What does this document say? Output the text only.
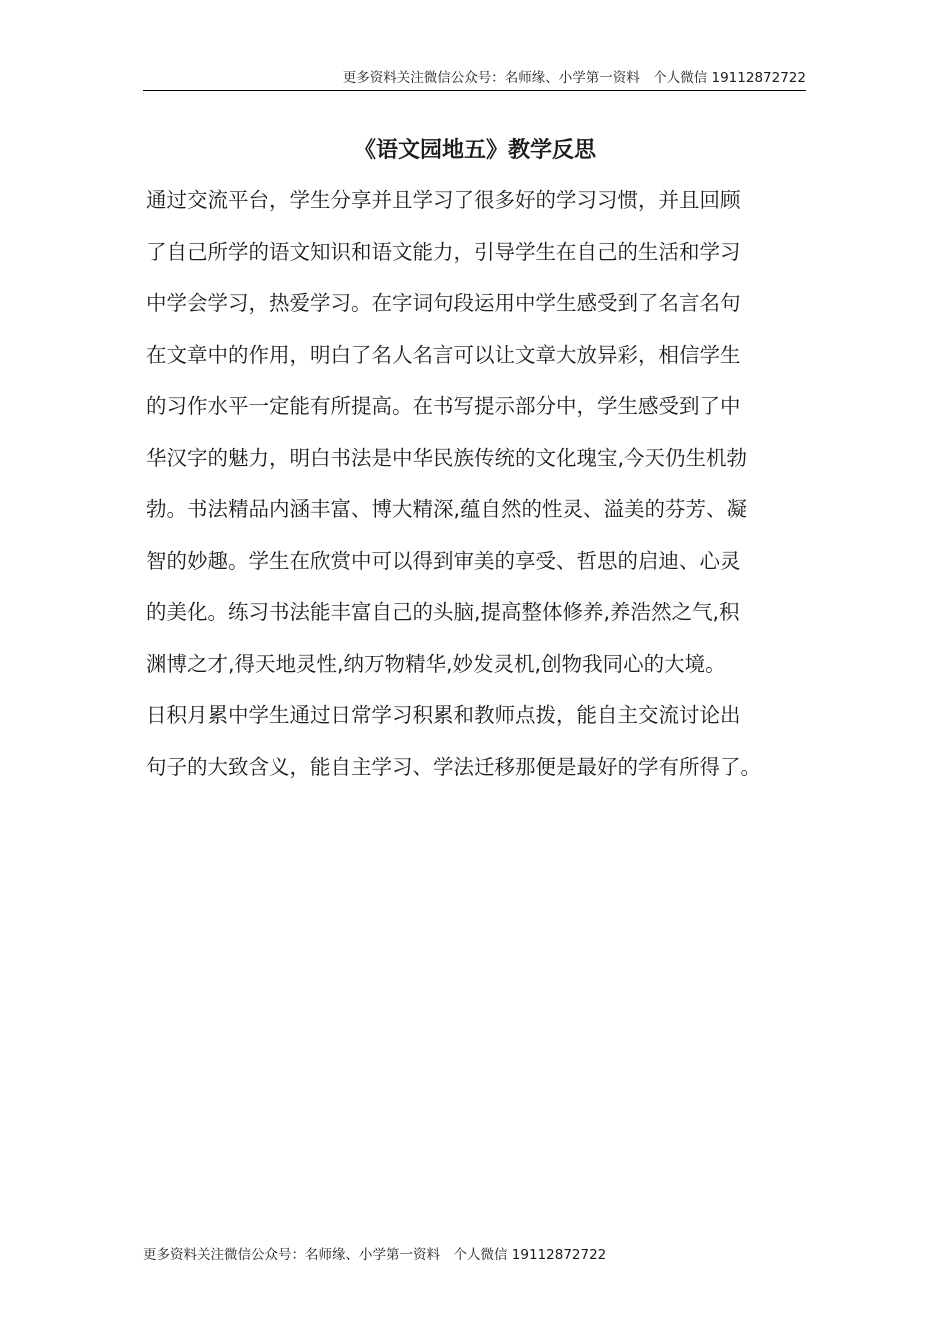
更多资料关注微信公众号：名师缘、小学第一资料　个人微信 19112872722
《语文园地五》教学反思
通过交流平台，学生分享并且学习了很多好的学习习惯，并且回顾
了自己所学的语文知识和语文能力，引导学生在自己的生活和学习
中学会学习，热爱学习。在字词句段运用中学生感受到了名言名句
在文章中的作用，明白了名人名言可以让文章大放异彩，相信学生
的习作水平一定能有所提高。在书写提示部分中，学生感受到了中
华汉字的魅力，明白书法是中华民族传统的文化瑰宝,今天仍生机勃
勃。书法精品内涵丰富、博大精深,蕴自然的性灵、溢美的芬芳、凝
智的妙趣。学生在欣赏中可以得到审美的享受、哲思的启迪、心灵
的美化。练习书法能丰富自己的头脑,提高整体修养,养浩然之气,积
渊博之才,得天地灵性,纳万物精华,妙发灵机,创物我同心的大境。
日积月累中学生通过日常学习积累和教师点拨，能自主交流讨论出
句子的大致含义，能自主学习、学法迁移那便是最好的学有所得了。
更多资料关注微信公众号：名师缘、小学第一资料　个人微信 19112872722
